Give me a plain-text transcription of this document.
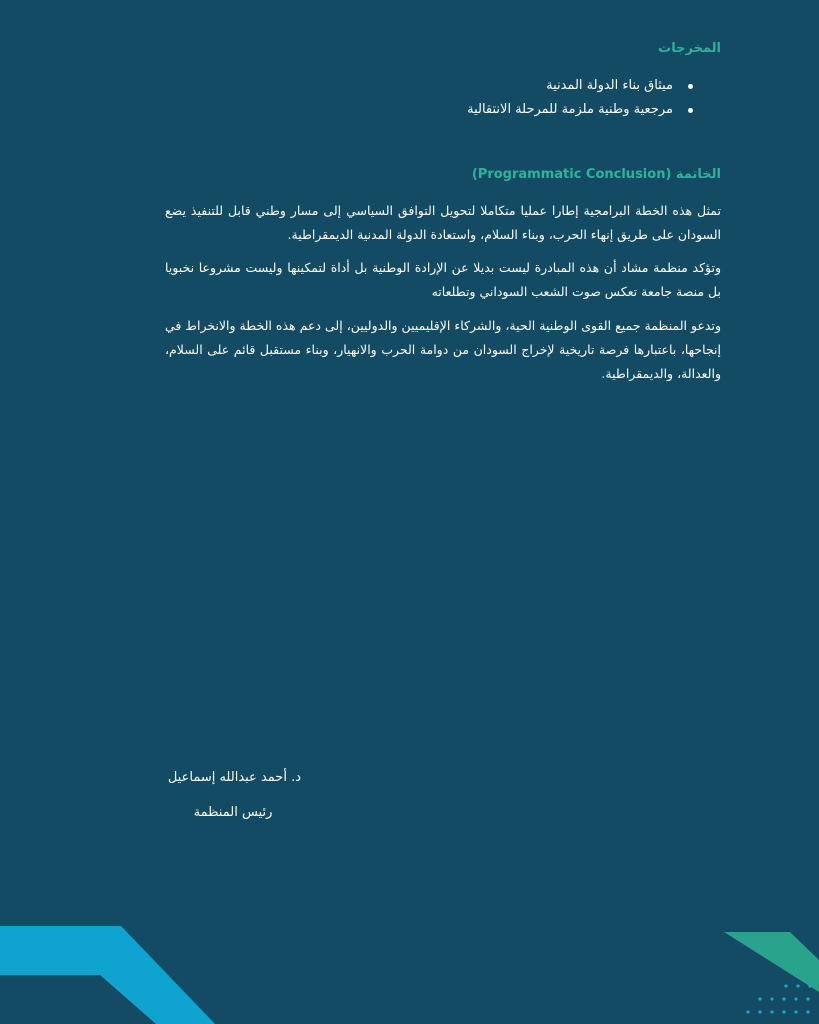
المخرجات
ميثاق بناء الدولة المدنية
مرجعية وطنية ملزمة للمرحلة الانتقالية
الخاتمة (Programmatic Conclusion)

تمثل هذه الخطة البرامجية إطارا عمليا متكاملا لتحويل التوافق السياسي إلى مسار وطني قابل للتنفيذ يضع السودان على طريق إنهاء الحرب، وبناء السلام، واستعادة الدولة المدنية الديمقراطية.

وتؤكد منظمة مشاد أن هذه المبادرة ليست بديلا عن الإرادة الوطنية بل أداة لتمكينها وليست مشروعا نخبويا بل منصة جامعة تعكس صوت الشعب السوداني وتطلعاته

وتدعو المنظمة جميع القوى الوطنية الحية، والشركاء الإقليميين والدوليين، إلى دعم هذه الخطة والانخراط في إنجاحها، باعتبارها فرصة تاريخية لإخراج السودان من دوامة الحرب والانهيار، وبناء مستقبل قائم على السلام، والعدالة، والديمقراطية.

د. أحمد عبدالله إسماعيل
رئيس المنظمة
